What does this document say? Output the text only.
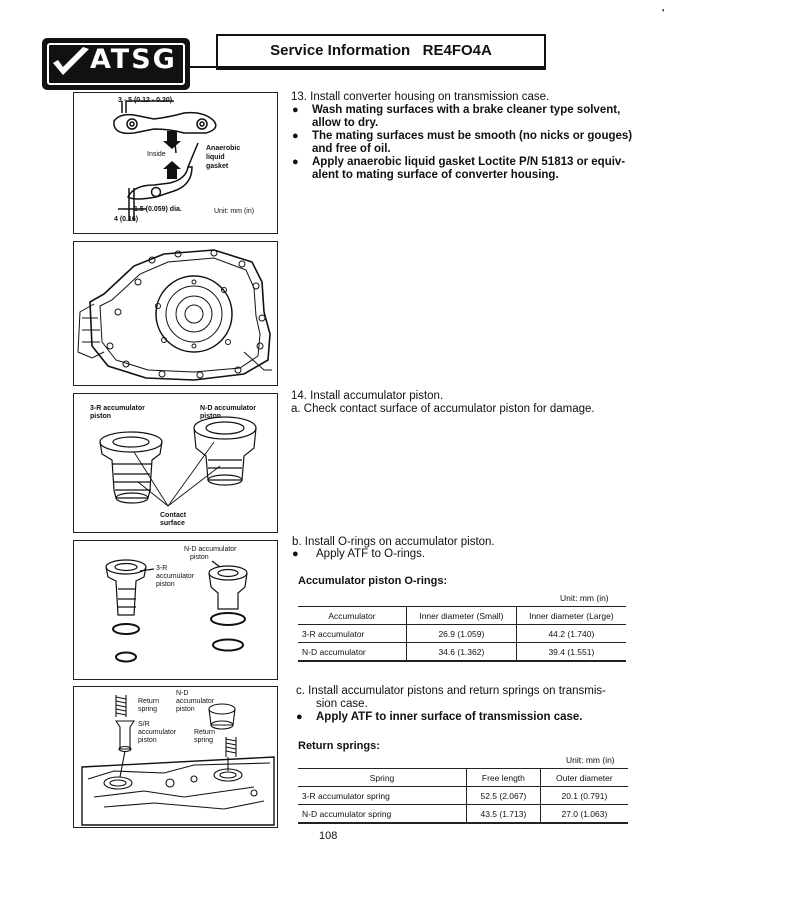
'
ATSG	Service Information   RE4FO4A
3 - 5 (0.12 - 0.20)
Inside
Anaerobic
liquid
gasket
1.5 (0.059) dia.	Unit: mm (in)
4 (0.16)
3-R accumulator
piston
N-D accumulator
piston
Contact
surface
N-D accumulator
piston
3-R
accumulator
piston
Return
spring
N-D
accumulator
piston
S/R
accumulator
piston
Return
spring
13. Install converter housing on transmission case.
● Wash mating surfaces with a brake cleaner type solvent,
allow to dry.
● The mating surfaces must be smooth (no nicks or gouges)
and free of oil.
● Apply anaerobic liquid gasket Loctite P/N 51813 or equiv-
alent to mating surface of converter housing.
14. Install accumulator piston.
a. Check contact surface of accumulator piston for damage.
b. Install O-rings on accumulator piston.
● Apply ATF to O-rings.
Accumulator piston O-rings:
Unit: mm (in)
Accumulator	Inner diameter (Small)	Inner diameter (Large)
3-R accumulator	26.9 (1.059)	44.2 (1.740)
N-D accumulator	34.6 (1.362)	39.4 (1.551)
c. Install accumulator pistons and return springs on transmis-
sion case.
● Apply ATF to inner surface of transmission case.
Return springs:
Unit: mm (in)
Spring	Free length	Outer diameter
3-R accumulator spring	52.5 (2.067)	20.1 (0.791)
N-D accumulator spring	43.5 (1.713)	27.0 (1.063)
108
